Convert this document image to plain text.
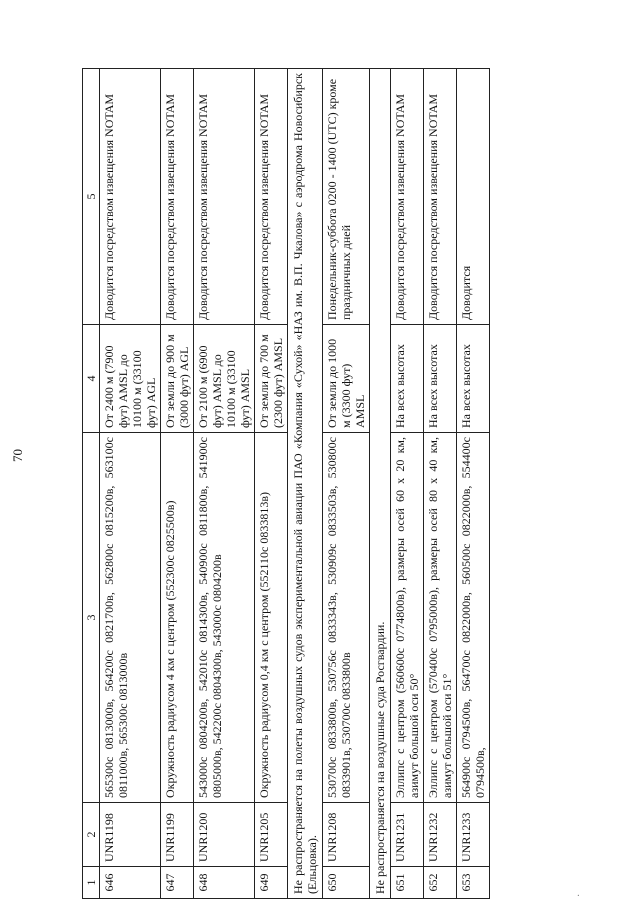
70
·
1	2	3	4	5
646	UNR1198	565300с 0813000в, 564200с 0821700в, 562800с 0815200в, 563100с 0811000в, 565300с 0813000в	От 2400 м (7900 фут) AMSL до 10100 м (33100 фут) AGL	Доводится посредством извещения NOTAM
647	UNR1199	Окружность радиусом 4 км с центром (552300с 0825500в)	От земли до 900 м (3000 фут) AGL	Доводится посредством извещения NOTAM
648	UNR1200	543000с 0804200в, 542010с 0814300в, 540900с 0811800в, 541900с 0805000в, 542200с 0804300в, 543000с 0804200в	От 2100 м (6900 фут) AMSL до 10100 м (33100 фут) AMSL	Доводится посредством извещения NOTAM
649	UNR1205	Окружность радиусом 0,4 км с центром (552110с 0833813в)	От земли до 700 м (2300 фут) AMSL	Доводится посредством извещения NOTAM
Не распространяется на полеты воздушных судов экспериментальной авиации ПАО «Компания «Сухой» «НАЗ им. В.П. Чкалова» с аэродрома Новосибирск (Ельцовка).				
650	UNR1208	530700с 0833800в, 530756с 0833343в, 530909с 0833503в, 530800с 0833901в, 530700с 0833800в	От земли до 1000 м (3300 фут) AMSL	Понедельник-суббота 0200 - 1400 (UTC) кроме праздничных дней
Не распространяется на воздушные суда Росгвардии.				
651	UNR1231	Эллипс с центром (560600с 0774800в), размеры осей 60 х 20 км, азимут большой оси 50°	На всех высотах	Доводится посредством извещения NOTAM
652	UNR1232	Эллипс с центром (570400с 0795000в), размеры осей 80 х 40 км, азимут большой оси 51°	На всех высотах	Доводится посредством извещения NOTAM
653	UNR1233	564900с 0794500в, 564700с 0822000в, 560500с 0822000в, 554400с 0794500в,	На всех высотах	Доводится
